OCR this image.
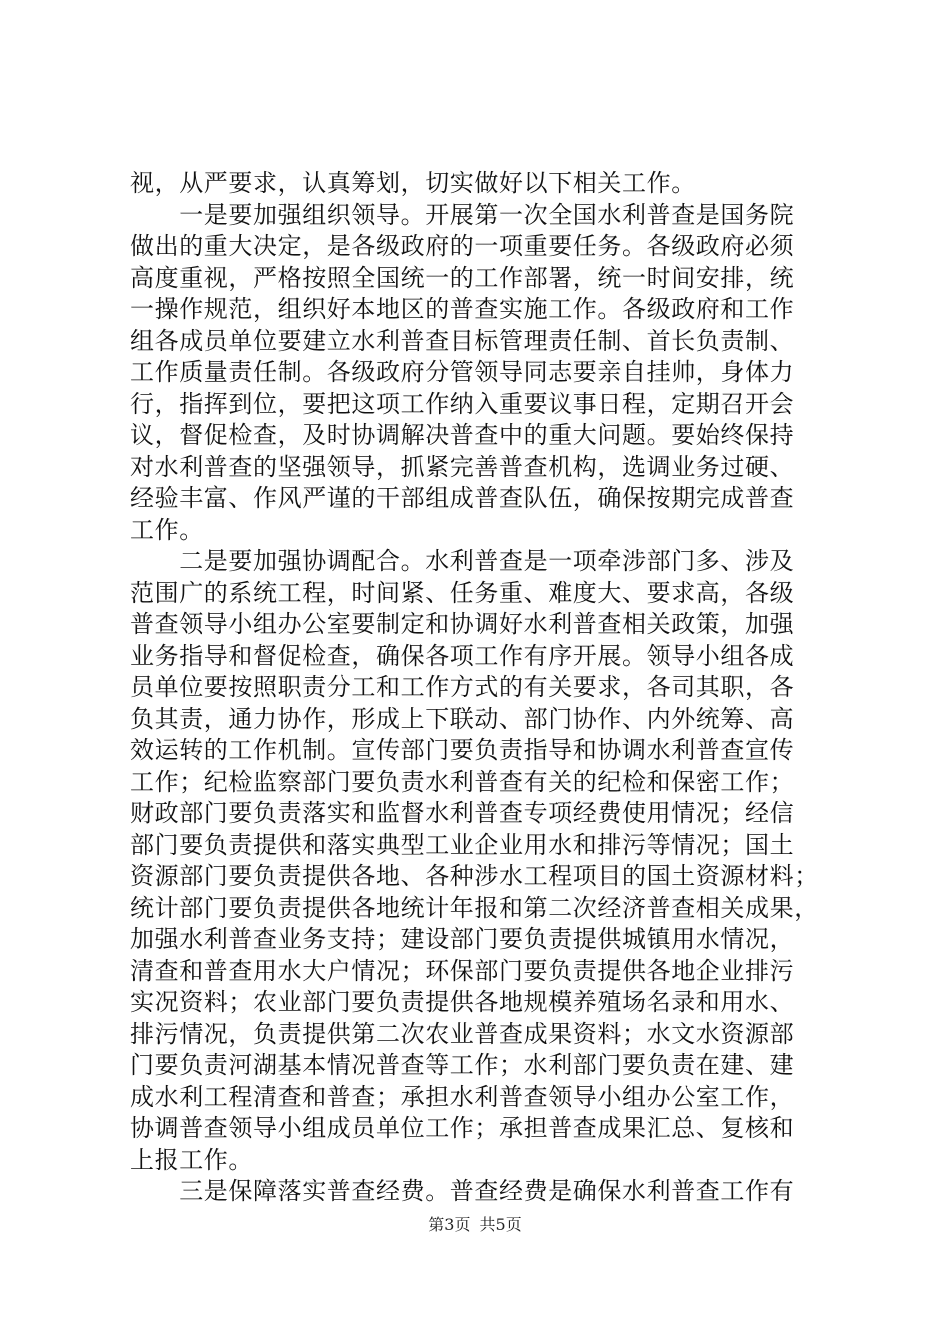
视，从严要求，认真筹划，切实做好以下相关工作。
　　一是要加强组织领导。开展第一次全国水利普查是国务院
做出的重大决定，是各级政府的一项重要任务。各级政府必须
高度重视，严格按照全国统一的工作部署，统一时间安排，统
一操作规范，组织好本地区的普查实施工作。各级政府和工作
组各成员单位要建立水利普查目标管理责任制、首长负责制、
工作质量责任制。各级政府分管领导同志要亲自挂帅，身体力
行，指挥到位，要把这项工作纳入重要议事日程，定期召开会
议，督促检查，及时协调解决普查中的重大问题。要始终保持
对水利普查的坚强领导，抓紧完善普查机构，选调业务过硬、
经验丰富、作风严谨的干部组成普查队伍，确保按期完成普查
工作。
　　二是要加强协调配合。水利普查是一项牵涉部门多、涉及
范围广的系统工程，时间紧、任务重、难度大、要求高，各级
普查领导小组办公室要制定和协调好水利普查相关政策，加强
业务指导和督促检查，确保各项工作有序开展。领导小组各成
员单位要按照职责分工和工作方式的有关要求，各司其职，各
负其责，通力协作，形成上下联动、部门协作、内外统筹、高
效运转的工作机制。宣传部门要负责指导和协调水利普查宣传
工作；纪检监察部门要负责水利普查有关的纪检和保密工作；
财政部门要负责落实和监督水利普查专项经费使用情况；经信
部门要负责提供和落实典型工业企业用水和排污等情况；国土
资源部门要负责提供各地、各种涉水工程项目的国土资源材料；
统计部门要负责提供各地统计年报和第二次经济普查相关成果，
加强水利普查业务支持；建设部门要负责提供城镇用水情况，
清查和普查用水大户情况；环保部门要负责提供各地企业排污
实况资料；农业部门要负责提供各地规模养殖场名录和用水、
排污情况，负责提供第二次农业普查成果资料；水文水资源部
门要负责河湖基本情况普查等工作；水利部门要负责在建、建
成水利工程清查和普查；承担水利普查领导小组办公室工作，
协调普查领导小组成员单位工作；承担普查成果汇总、复核和
上报工作。
　　三是保障落实普查经费。普查经费是确保水利普查工作有
第3页 共5页
